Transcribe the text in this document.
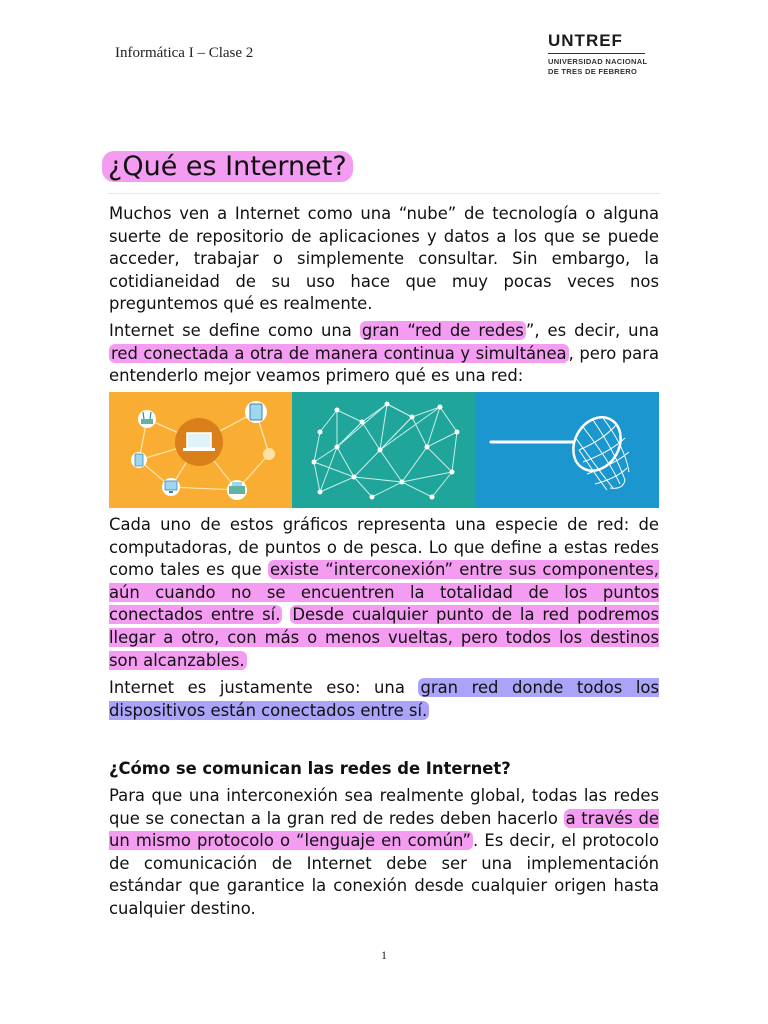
Informática I – Clase 2
UNTREF
UNIVERSIDAD NACIONAL
DE TRES DE FEBRERO
¿Qué es Internet?

Muchos ven a Internet como una “nube” de tecnología o alguna suerte de repositorio de aplicaciones y datos a los que se puede acceder, trabajar o simplemente consultar. Sin embargo, la cotidianeidad de su uso hace que muy pocas veces nos preguntemos qué es realmente.

Internet se define como una gran “red de redes ”, es decir, una red conectada a otra de manera continua y simultánea , pero para entenderlo mejor veamos primero qué es una red:

Cada uno de estos gráficos representa una especie de red: de computadoras, de puntos o de pesca. Lo que define a estas redes como tales es que existe “interconexión” entre sus componentes, aún cuando no se encuentren la totalidad de los puntos conectados entre sí. Desde cualquier punto de la red podremos llegar a otro, con más o menos vueltas, pero todos los destinos son alcanzables.

Internet es justamente eso: una gran red donde todos los dispositivos están conectados entre sí.

¿Cómo se comunican las redes de Internet?

Para que una interconexión sea realmente global, todas las redes que se conectan a la gran red de redes deben hacerlo a través de un mismo protocolo o “lenguaje en común” . Es decir, el protocolo de comunicación de Internet debe ser una implementación estándar que garantice la conexión desde cualquier origen hasta cualquier destino.

1
